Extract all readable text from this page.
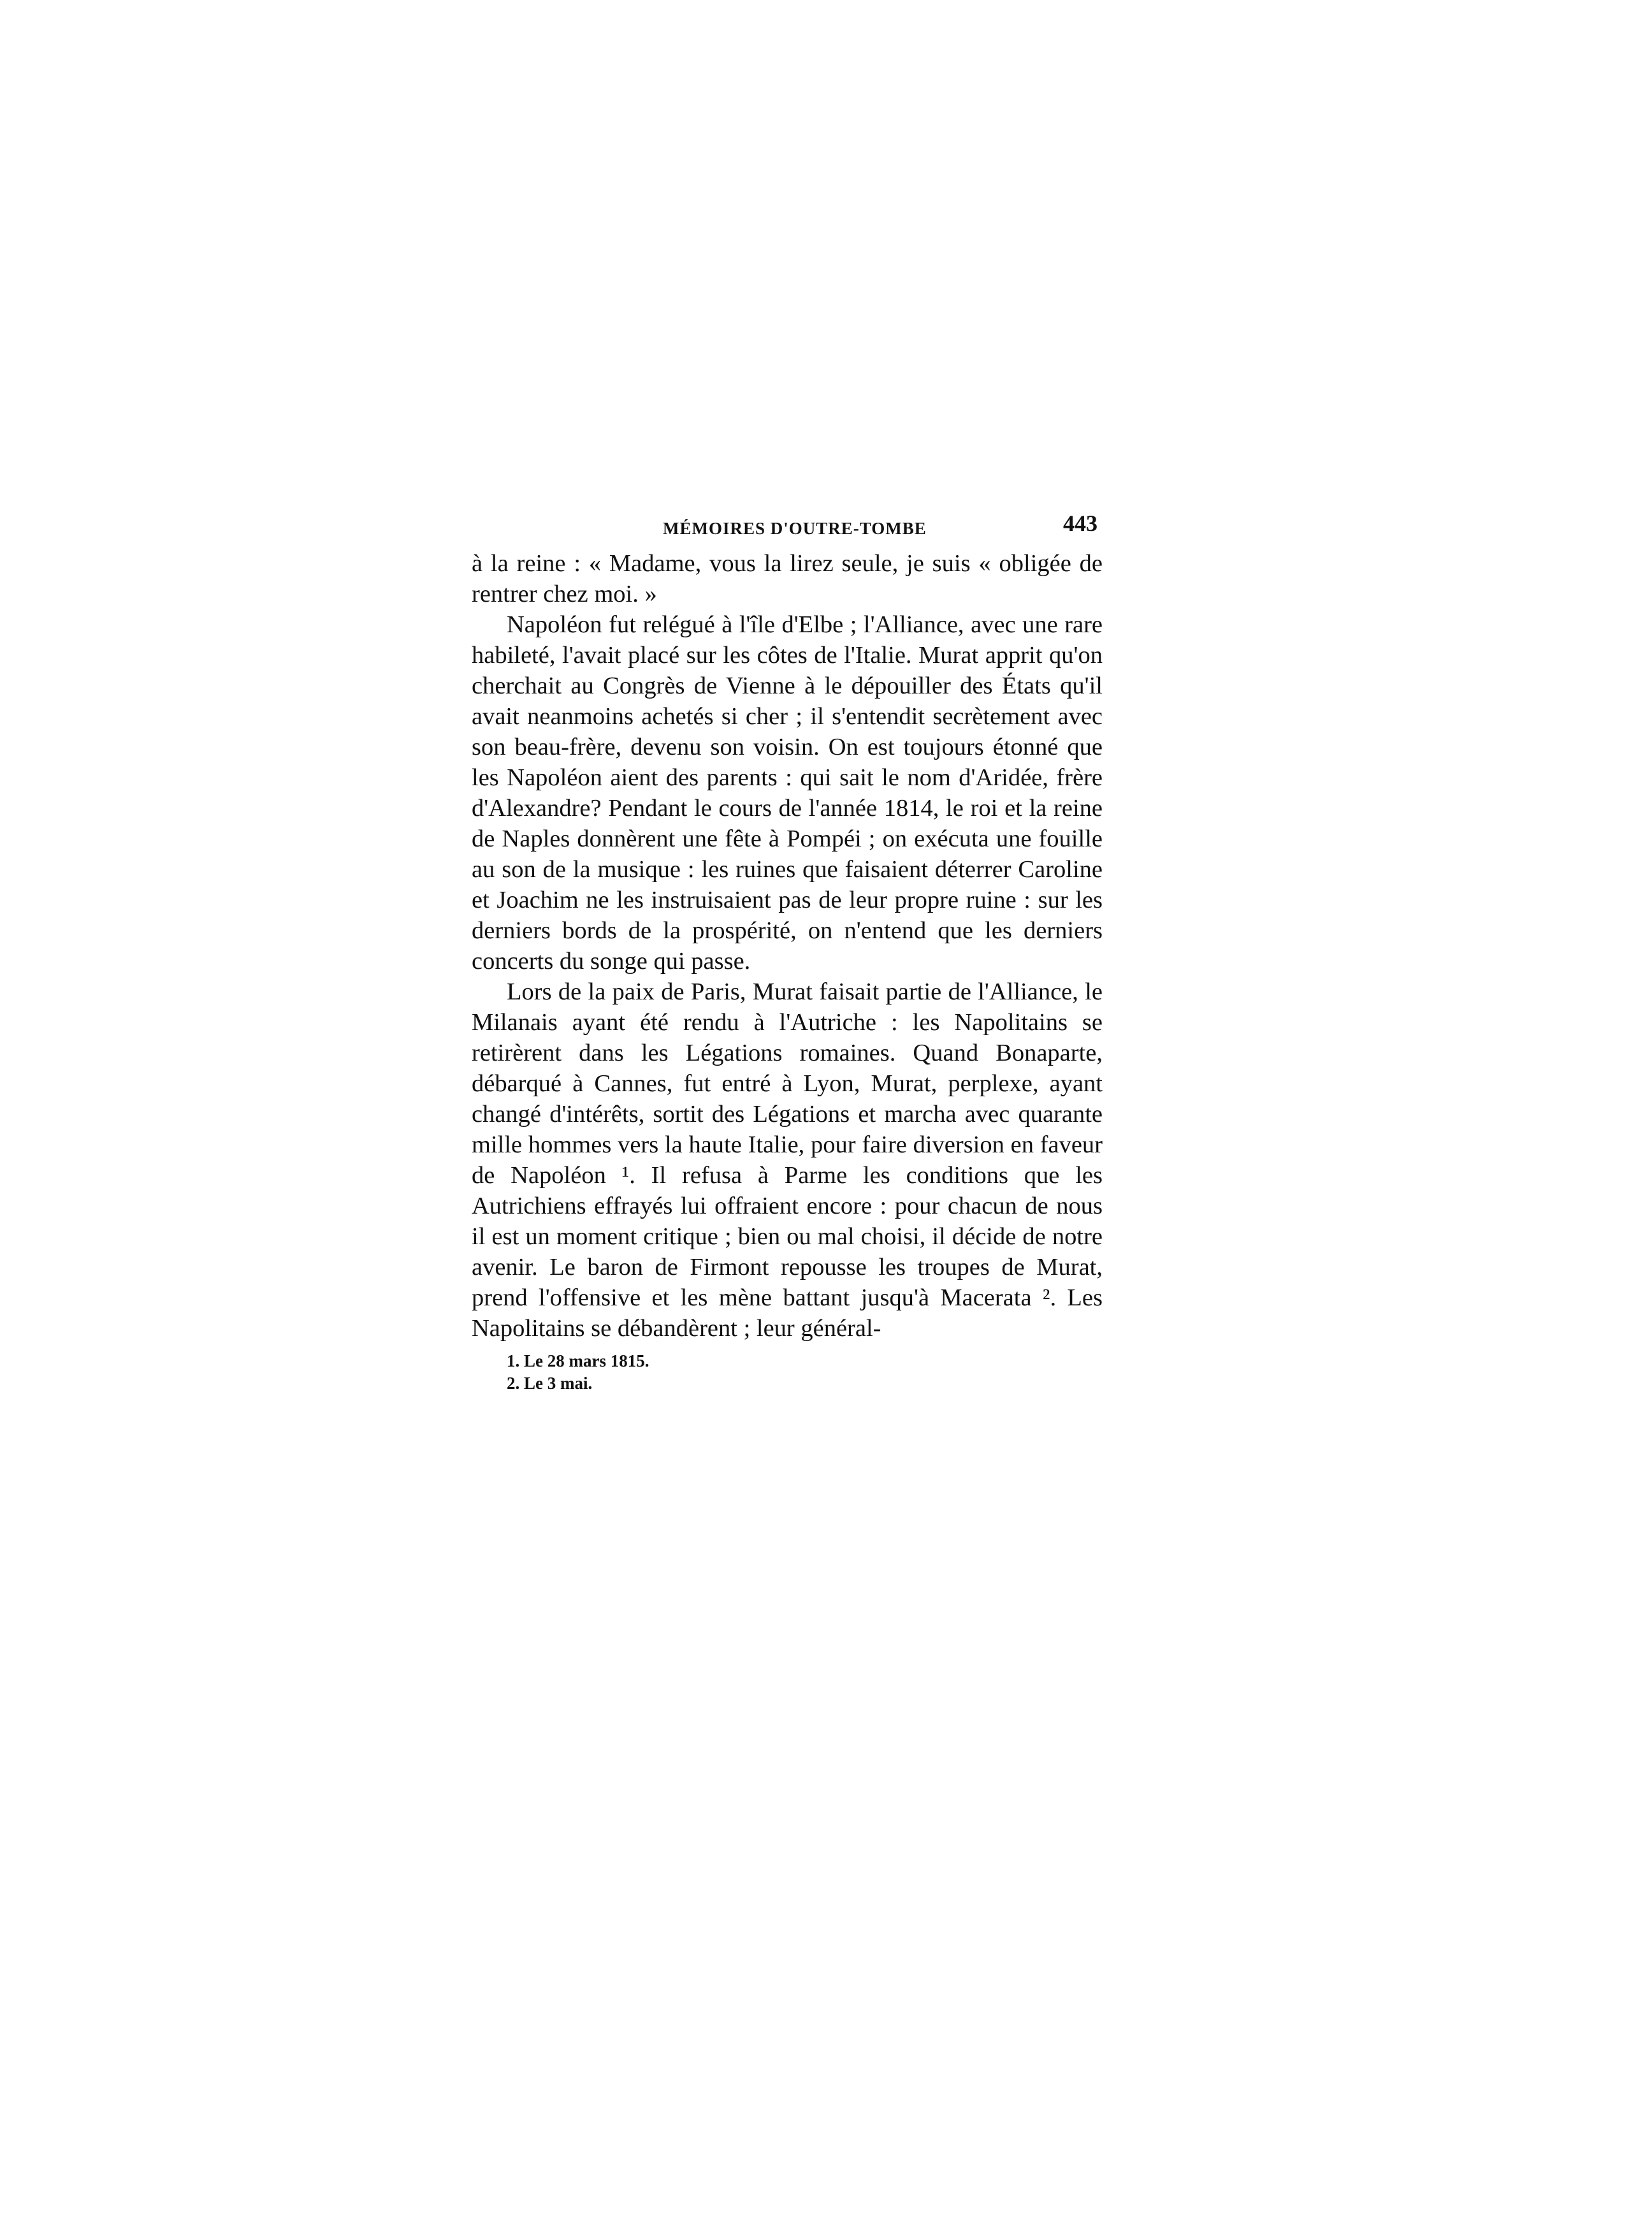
MÉMOIRES D'OUTRE-TOMBE	443

à la reine : « Madame, vous la lirez seule, je suis « obligée de rentrer chez moi. »

Napoléon fut relégué à l'île d'Elbe ; l'Alliance, avec une rare habileté, l'avait placé sur les côtes de l'Italie. Murat apprit qu'on cherchait au Congrès de Vienne à le dépouiller des États qu'il avait neanmoins achetés si cher ; il s'entendit secrètement avec son beau-frère, devenu son voisin. On est toujours étonné que les Napoléon aient des parents : qui sait le nom d'Aridée, frère d'Alexandre? Pendant le cours de l'année 1814, le roi et la reine de Naples donnèrent une fête à Pompéi ; on exécuta une fouille au son de la musique : les ruines que faisaient déterrer Caroline et Joachim ne les instruisaient pas de leur propre ruine : sur les derniers bords de la prospérité, on n'entend que les derniers concerts du songe qui passe.

Lors de la paix de Paris, Murat faisait partie de l'Alliance, le Milanais ayant été rendu à l'Autriche : les Napolitains se retirèrent dans les Légations romaines. Quand Bonaparte, débarqué à Cannes, fut entré à Lyon, Murat, perplexe, ayant changé d'intérêts, sortit des Légations et marcha avec quarante mille hommes vers la haute Italie, pour faire diversion en faveur de Napoléon ¹. Il refusa à Parme les conditions que les Autrichiens effrayés lui offraient encore : pour chacun de nous il est un moment critique ; bien ou mal choisi, il décide de notre avenir. Le baron de Firmont repousse les troupes de Murat, prend l'offensive et les mène battant jusqu'à Macerata ². Les Napolitains se débandèrent ; leur général-

1. Le 28 mars 1815.
2. Le 3 mai.
